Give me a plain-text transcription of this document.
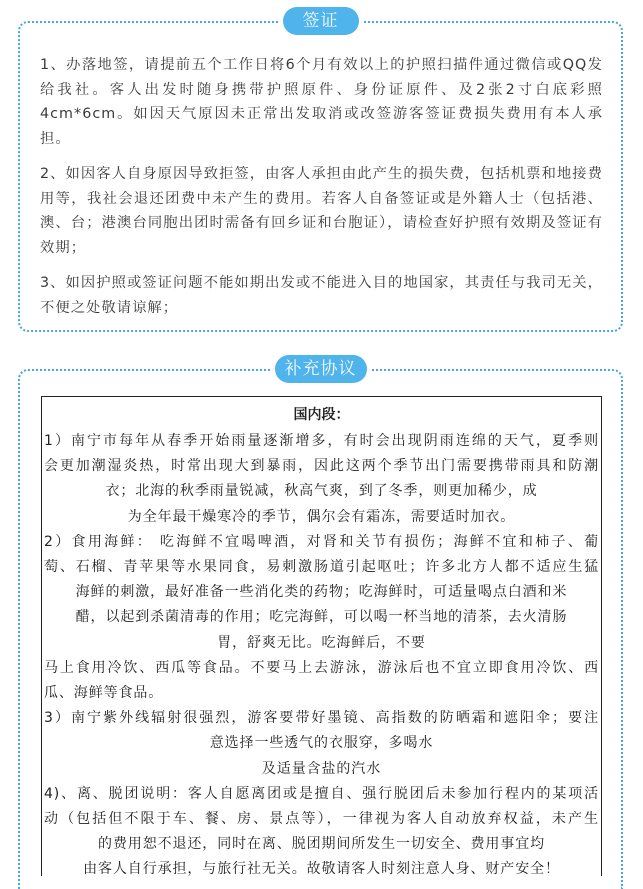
签证

1、办落地签，请提前五个工作日将6个月有效以上的护照扫描件通过微信或QQ发给我社。客人出发时随身携带护照原件、身份证原件、及2张2寸白底彩照4cm*6cm。如因天气原因未正常出发取消或改签游客签证费损失费用有本人承担。

2、如因客人自身原因导致拒签，由客人承担由此产生的损失费，包括机票和地接费用等，我社会退还团费中未产生的费用。若客人自备签证或是外籍人士（包括港、澳、台；港澳台同胞出团时需备有回乡证和台胞证），请检查好护照有效期及签证有效期；

3、如因护照或签证问题不能如期出发或不能进入目的地国家，其责任与我司无关，不便之处敬请谅解；

补充协议
国内段：

1）南宁市每年从春季开始雨量逐渐增多，有时会出现阴雨连绵的天气，夏季则

会更加潮湿炎热，时常出现大到暴雨，因此这两个季节出门需要携带雨具和防潮

衣；北海的秋季雨量锐减，秋高气爽，到了冬季，则更加稀少，成

为全年最干燥寒冷的季节，偶尔会有霜冻，需要适时加衣。

2）食用海鲜： 吃海鲜不宜喝啤酒，对肾和关节有损伤；海鲜不宜和柿子、葡

萄、石榴、青苹果等水果同食，易刺激肠道引起呕吐；许多北方人都不适应生猛

海鲜的刺激，最好准备一些消化类的药物；吃海鲜时，可适量喝点白酒和米

醋，以起到杀菌清毒的作用；吃完海鲜，可以喝一杯当地的清茶，去火清肠

胃，舒爽无比。吃海鲜后，不要

马上食用冷饮、西瓜等食品。不要马上去游泳，游泳后也不宜立即食用冷饮、西

瓜、海鲜等食品。

3）南宁紫外线辐射很强烈，游客要带好墨镜、高指数的防晒霜和遮阳伞；要注

意选择一些透气的衣服穿，多喝水

及适量含盐的汽水

4)、离、脱团说明：客人自愿离团或是擅自、强行脱团后未参加行程内的某项活

动（包括但不限于车、餐、房、景点等），一律视为客人自动放弃权益，未产生

的费用恕不退还，同时在离、脱团期间所发生一切安全、费用事宜均

由客人自行承担，与旅行社无关。故敬请客人时刻注意人身、财产安全！
